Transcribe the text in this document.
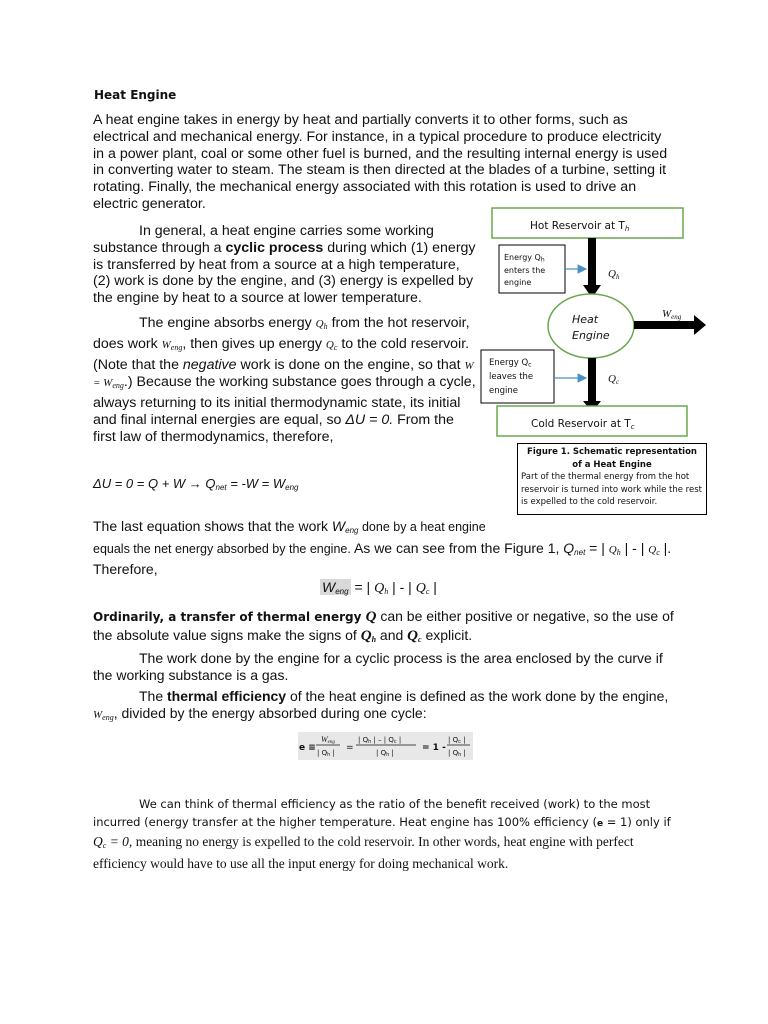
Heat Engine
A heat engine takes in energy by heat and partially converts it to other forms, such as electrical and mechanical energy. For instance, in a typical procedure to produce electricity in a power plant, coal or some other fuel is burned, and the resulting internal energy is used in converting water to steam. The steam is then directed at the blades of a turbine, setting it rotating. Finally, the mechanical energy associated with this rotation is used to drive an electric generator.
In general, a heat engine carries some working substance through a cyclic process during which (1) energy is transferred by heat from a source at a high temperature, (2) work is done by the engine, and (3) energy is expelled by the engine by heat to a source at lower temperature.
The engine absorbs energy $Q_h$ from the hot reservoir, does work $W_{eng}$, then gives up energy $Q_c$ to the cold reservoir. (Note that the negative work is done on the engine, so that $W = W_{eng}$.) Because the working substance goes through a cycle, always returning to its initial thermodynamic state, its initial and final internal energies are equal, so ΔU = 0. From the first law of thermodynamics, therefore,
$\Delta U = 0 = Q + W \to Q_{net} = -W = W_{eng}$
The last equation shows that the work $W_{eng}$ done by a heat engine
equals the net energy absorbed by the engine. As we can see from the Figure 1, $Q_{net}$ = | $Q_h$ | - | $Q_c$ |. Therefore,
$W_{eng}$ = | $Q_h$ | - | $Q_c$ |
Ordinarily, a transfer of thermal energy Q can be either positive or negative, so the use of the absolute value signs make the signs of $Q_h$ and $Q_c$ explicit.
The work done by the engine for a cyclic process is the area enclosed by the curve if the working substance is a gas.
The thermal efficiency of the heat engine is defined as the work done by the engine, $W_{eng}$, divided by the energy absorbed during one cycle:
e ≡
Weng
| Qh | =
| Qh | – | Qc |
| Qh |	= 1 -
| Qc |
| Qh |
We can think of thermal efficiency as the ratio of the benefit received (work) to the most incurred (energy transfer at the higher temperature. Heat engine has 100% efficiency (e = 1) only if $Q_c = 0$, meaning no energy is expelled to the cold reservoir. In other words, heat engine with perfect efficiency would have to use all the input energy for doing mechanical work.
Hot Reservoir at Th
Heat
Engine
Weng
Qh
Qc
Energy Qh
enters the
engine
Energy Qc
leaves the
engine
Cold Reservoir at Tc
Figure 1. Schematic representation of a Heat Engine
Part of the thermal energy from the hot reservoir is turned into work while the rest is expelled to the cold reservoir.
